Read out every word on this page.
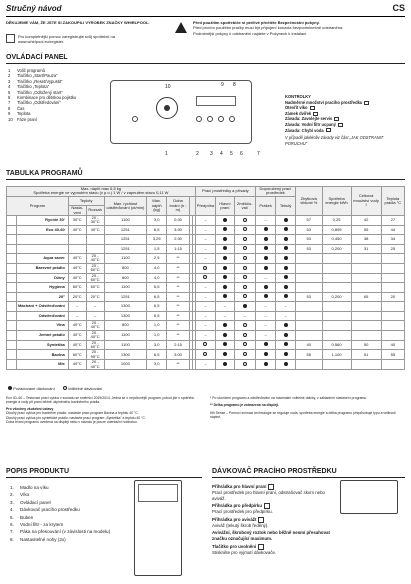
Stručný návod	CS
DĚKUJEME VÁM, ŽE JSTE SI ZAKOUPILI VÝROBEK ZNAČKY WHIRLPOOL.
Pro kompletnější pomoc zaregistrujte svůj spotřebič na www.whirlpool.eu/register.
Před použitím spotřebiče si pečlivě přečtěte Bezpečnostní pokyny.
Před prvním použitím pračky musí být připojení konzola bezpodmínečně odstraněna.
Podrobnější pokyny k odstranění najdete v Pokynech k instalaci.
OVLÁDACÍ PANEL
1 Volič programů
2 Tlačítko „Start/Pauza“
3 Tlačítko „Reset/Vypustit“
4 Tlačítko „Teplota“
5 Tlačítko „Odložený start“
6 Kombinace pro dětskou pojistku
7 Tlačítko „Odstředování“
8 Čas
9 Teplota
10 Fáze praní
10	9 8
1	2 3 4 5 6	7
KONTROLKY
Nadměrné množství pracího prostředku
Otevřít víko
Zámek dvířek
Závada: Zavolejte servis
Závada: Vodní filtr ucpaný
Závada: Chybí voda
V případě jakékoliv závady viz část „JAK ODSTRANIT PORUCHU“
TABULKA PROGRAMŮ
Max. náplň max 6,5 kg
Spotřeba energie ve vypnutém stavu (v p.o.) 1 W / v zapnutém stavu 0,11 W									Prací prostředky a přísady			Doporučený prací prostředek		Zbytková vlhkost %	Spotřeba energie kWh	Celková množství vody l	Teplota prádla °C
Program		Teploty		Max. rychlost odstřeďování (ot/min)	Max. náplň (kg)	Doba trvání (h : m)			Předpírka	Hlavní praní	Změkčo-vač	Prášek	Tekutý				
		Nasta-vení	Rozsah														
	Rychlé 30'	30°C	20 - 30°C	1100	3,0	0:30			–			–		57	0,25	42	27
	Eco 40-60	40°C	40°C	1251	6,5	3:30			–					53	0,895	55	44
				1251	3,25	2:30			–					53	0,450	38	34
				1251	1,5	1:15			–					53	0,200	31	25
	Aqua saver	40°C	20 - 40°C	1100	2,5	**			–								
	Barevné prádlo	40°C	20 - 60°C	800	4,0	**											
	Džíny	40°C	20 - 60°C	800	4,0	**						–					
	Hygiena	60°C	60°C	1100	5,5	**			–								
	20°	20°C	20°C	1251	6,5	**			–					53	0,200	65	20
	Máchání + Odstřeďování	–	–	1300	6,5	**			–	–		–	–				
	Odstřeďování	–	–	1300	6,5	**			–	–	–	–	–				
	Vlna	40°C	20 - 40°C	800	1,0	**			–			–					
	Jemné prádlo	40°C	20 - 40°C	1100	1,0	**			–			–					
	Syntetika	40°C	20 - 60°C	1100	3,0	2:15								40	0,560	50	40
	Bavlna	60°C	20 - 95°C	1300	6,5	3:00								55	1,100	51	55
	Mix	40°C	20 - 40°C	1000	3,0	**			–								
Požadované dávkování	Volitelné dávkování
Eco 40–60 – Testovací prací cyklus v souladu se směrnicí 2019/2014. Jedná se o nejúčinnější program, pokud jde o spotřebu energie a vody při praní běžně ušpiněného bavlněného prádla.
Pro všechny zkušební ústavy
Dlouhý prací cyklus pro bavlněné prádlo: nastavte prací program Bavlna a teplotu 40 °C.
Dlouhý prací cyklus pro syntetické prádlo: nastavte prací program „Syntetika“ a teplotu 40 °C.
Doba trvání programu uvedená na displeji nebo v návodu je pouze orientační hodnotou.
* Po ukončení programu a odstřeďování na maximální volitelné otáčky, v základním nastavení programu.
** Délka programu je zobrazena na displeji.
6th Sense – Pomocí snímací technologie se reguluje voda, spotřeba energie a délka programu přizpůsobuje typu a velikosti náplně.
POPIS PRODUKTU
1. Madlo na víku
2. Víko
3. Ovládací panel
4. Dávkovač pracího prostředku
5. Buben
6. Vodní filtr - za krytem
7. Páka na přesouvání (v závislosti na modelu)
8. Nastavitelné nohy (2x)
DÁVKOVAČ PRACÍHO PROSTŘEDKU
Přihrádka pro hlavní praní
Prací prostředek pro hlavní praní, odstraňovač skvrn nebo aviváž.
Přihrádka pro předpírku
Prací prostředek pro předpírku.
Přihrádka pro avivážt
Aviváž (tekutý škrob ředěný).
Avivážní, škrobový roztok nebo běžně nesmí přesahovat značku označující maximum.
Tlačítko pro uvolnění
Stiskněte pro vyjmutí dávkovače.
